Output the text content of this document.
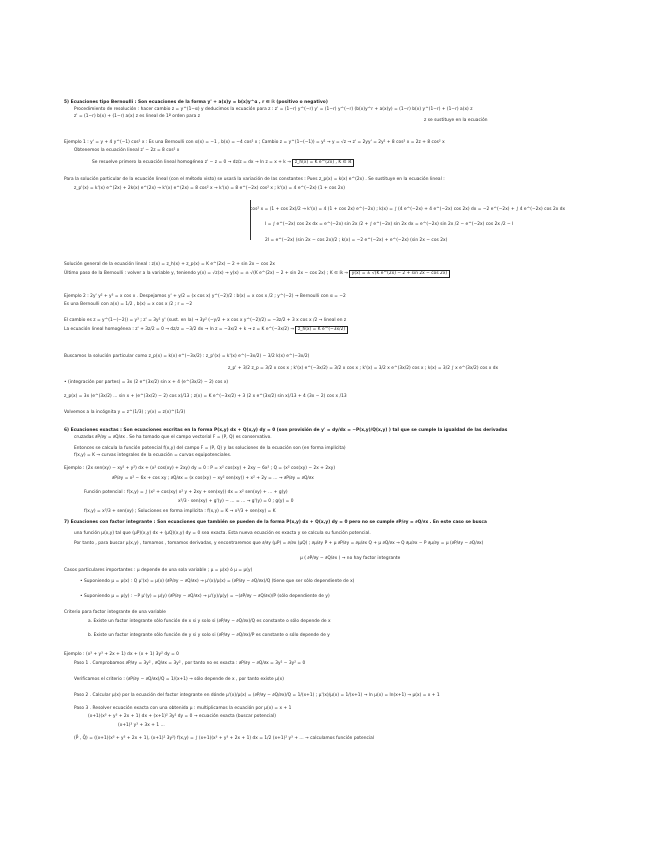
5) Ecuaciones tipo Bernoulli : Son ecuaciones de la forma y' + a(x)y = b(x)y^α , r ∈ ℝ (positivo o negativo)
Procedimiento de resolución : hacer cambio z = y^(1−α) y deducimos la ecuación para z : z' = (1−r) y^(−r) y' = (1−r) y^(−r) (b(x)y^r + a(x)y) = (1−r) b(x) y^(1−r) + (1−r) a(x) z
z' = (1−r) b(x) + (1−r) a(x) z es lineal de 1º orden para z
z se sustituye en la ecuación
Ejemplo 1 : y' = y + 4 y^(−1) cos² x : Es una Bernoulli con α(x) = −1 , b(x) = −4 cos² x ; Cambio z = y^(1−(−1)) = y² → y = √z → z' = 2yy' = 2y² + 8 cos² x = 2z + 8 cos² x
Obtenemos la ecuación lineal z' − 2z = 8 cos² x
Se resuelve primero la ecuación lineal homogénea z' − z = 0 → dz/z = dx → ln z = x + k → z_h(x) = K e^(2x) , K ∈ ℝ
Para la solución particular de la ecuación lineal (con el método visto) se usará la variación de las constantes : Pues z_p(x) = k(x) e^(2x) . Se sustituye en la ecuación lineal :
z_p'(x) = k'(x) e^(2x) + 2k(x) e^(2x) → k'(x) e^(2x) = 8 cos² x → k'(x) = 8 e^(−2x) cos² x ; k'(x) = 4 e^(−2x) (1 + cos 2x)
cos² x = (1 + cos 2x)/2 → k'(x) = 4 (1 + cos 2x) e^(−2x) ; k(x) = ∫ (4 e^(−2x) + 4 e^(−2x) cos 2x) dx = −2 e^(−2x) + ∫ 4 e^(−2x) cos 2x dx
I = ∫ e^(−2x) cos 2x dx = e^(−2x) sin 2x /2 + ∫ e^(−2x) sin 2x dx = e^(−2x) sin 2x /2 − e^(−2x) cos 2x /2 − I
2I = e^(−2x) (sin 2x − cos 2x)/2 ; k(x) = −2 e^(−2x) + e^(−2x) (sin 2x − cos 2x)
Solución general de la ecuación lineal : z(x) = z_h(x) + z_p(x) = K e^(2x) − 2 + sin 2x − cos 2x
Último paso de la Bernoulli : volver a la variable y, teniendo y(x) = √z(x) → y(x) = ± √(K e^(2x) − 2 + sin 2x − cos 2x) ; K ∈ ℝ → y(x) = ± √(K e^(2x) − 2 + sin 2x − cos 2x)
Ejemplo 2 : 2y' y² + y³ = x cos x . Despejamos y' + y/2 = (x cos x) y^(−2)/2 : b(x) = x cos x /2 ; y^(−2) → Bernoulli con α = −2
Es una Bernoulli con a(x) = 1/2 , b(x) = x cos x /2 ; r = −2
El cambio es z = y^(1−(−2)) = y³ ; z' = 3y² y' (sust. en la) → 3y² (−y/2 + x cos x y^(−2)/2) = −3z/2 + 3 x cos x /2 → lineal en z
La ecuación lineal homogénea : z' + 3z/2 = 0 → dz/z = −3/2 dx → ln z = −3x/2 + k → z = K e^(−3x/2) → z_h(x) = K e^(−3x/2)
Buscamos la solución particular como z_p(x) = k(x) e^(−3x/2) : z_p'(x) = k'(x) e^(−3x/2) − 3/2 k(x) e^(−3x/2)
z_p' + 3/2 z_p = 3/2 x cos x ; k'(x) e^(−3x/2) = 3/2 x cos x ; k'(x) = 3/2 x e^(3x/2) cos x ; k(x) = 3/2 ∫ x e^(3x/2) cos x dx
• (integración por partes) = 3x (2 e^(3x/2) sin x + 4 (e^(3x/2) − 2) cos x)
z_p(x) = 3x (e^(3x/2) ... sin x + (e^(3x/2) − 2) cos x)/13 ; z(x) = K e^(−3x/2) + 3 (2 x e^(3x/2) sin x)/13 + 4 (3x − 2) cos x /13
Volvemos a la incógnita y = z^(1/3) ; y(x) = z(x)^(1/3)
6) Ecuaciones exactas : Son ecuaciones escritas en la forma P(x,y) dx + Q(x,y) dy = 0 (son provisión de y' = dy/dx = −P(x,y)/Q(x,y) ) tal que se cumple la igualdad de las derivadas
cruzadas ∂P/∂y = ∂Q/∂x . Se ha tomado que el campo vectorial F = (P, Q) es conservativo.
Entonces se calcula la función potencial f(x,y) del campo F = (P, Q) y las soluciones de la ecuación son (en forma implícita)
f(x,y) = K → curvas integrales de la ecuación = curvas equipotenciales.
Ejemplo : (2x sen(xy) − xy² + y²) dx + (x² cos(xy) + 2xy) dy = 0 : P = x² cos(xy) + 2xy − 6x² ; Q = (x² cos(xy) − 2x + 2xy)
∂P/∂y = x² − 6x + cos xy ; ∂Q/∂x = (x cos(xy) − xy² sen(xy)) + x² + 2y = ... → ∂P/∂y = ∂Q/∂x
Función potencial : f(x,y) = ∫ (x² + cos(xy) x² y + 2xy + sen(xy)) dx = x² sen(xy) + ... + g(y)
x³/3 · sen(xy) + g'(y) − ... = ... → g'(y) = 0 ; g(y) = 0
f(x,y) = x³/3 + sen(xy) ; Soluciones en forma implícita : f(x,y) = K → x³/3 + sen(xy) = K
7) Ecuaciones con factor integrante : Son ecuaciones que también se pueden de la forma P(x,y) dx + Q(x,y) dy = 0 pero no se cumple ∂P/∂y = ∂Q/∂x . En este caso se busca
una función μ(x,y) tal que (μP)(x,y) dx + (μQ)(x,y) dy = 0 sea exacta. Esta nueva ecuación es exacta y se calcula su función potencial.
Por tanto , para buscar μ(x,y) , tomamos , tomamos derivadas, y encontraremos que ∂/∂y (μP) = ∂/∂x (μQ) ; ∂μ/∂y P + μ ∂P/∂y = ∂μ/∂x Q + μ ∂Q/∂x → Q ∂μ/∂x − P ∂μ/∂y = μ (∂P/∂y − ∂Q/∂x)
μ ( ∂P/∂y − ∂Q/∂x ) → no hay factor integrante
Casos particulares importantes : μ depende de una sola variable ; μ = μ(x) ó μ = μ(y)
• Suponiendo μ = μ(x) : Q μ'(x) = μ(x) (∂P/∂y − ∂Q/∂x) → μ'(x)/μ(x) = (∂P/∂y − ∂Q/∂x)/Q (tiene que ser sólo dependiente de x)
• Suponiendo μ = μ(y) : −P μ'(y) = μ(y) (∂P/∂y − ∂Q/∂x) → μ'(y)/μ(y) = −(∂P/∂y − ∂Q/∂x)/P (sólo dependiente de y)
Criterio para factor integrante de una variable
a. Existe un factor integrante sólo función de x si y solo si (∂P/∂y − ∂Q/∂x)/Q es constante o sólo depende de x
b. Existe un factor integrante sólo función de y si y solo si (∂P/∂y − ∂Q/∂x)/P es constante o sólo depende de y
Ejemplo : (x³ + y³ + 2x + 1) dx + (x + 1) 3y² dy = 0
Paso 1 . Comprobamos ∂P/∂y = 3y² , ∂Q/∂x = 3y² , por tanto no es exacta : ∂P/∂y − ∂Q/∂x = 3y² − 3y² = 0
Verificamos el criterio : (∂P/∂y − ∂Q/∂x)/Q = 1/(x+1) → sólo depende de x , por tanto existe μ(x)
Paso 2 . Calcular μ(x) por la ecuación del factor integrante en dónde μ'(x)/μ(x) = (∂P/∂y − ∂Q/∂x)/Q = 1/(x+1) ; μ'(x)/μ(x) = 1/(x+1) → ln μ(x) = ln(x+1) → μ(x) = x + 1
Paso 3 . Resolver ecuación exacta con una obtenida μ : multiplicamos la ecuación por μ(x) = x + 1
(x+1)(x³ + y³ + 2x + 1) dx + (x+1)² 3y² dy = 0 → ecuación exacta (buscar potencial)
(x+1)³ y³ + 3x + 1 ...
(P̃ , Q̃) = ((x+1)(x³ + y³ + 2x + 1), (x+1)² 3y²) f(x,y) = ∫ (x+1)(x³ + y³ + 2x + 1) dx = 1/2 (x+1)² y³ + ... → calculamos función potencial
